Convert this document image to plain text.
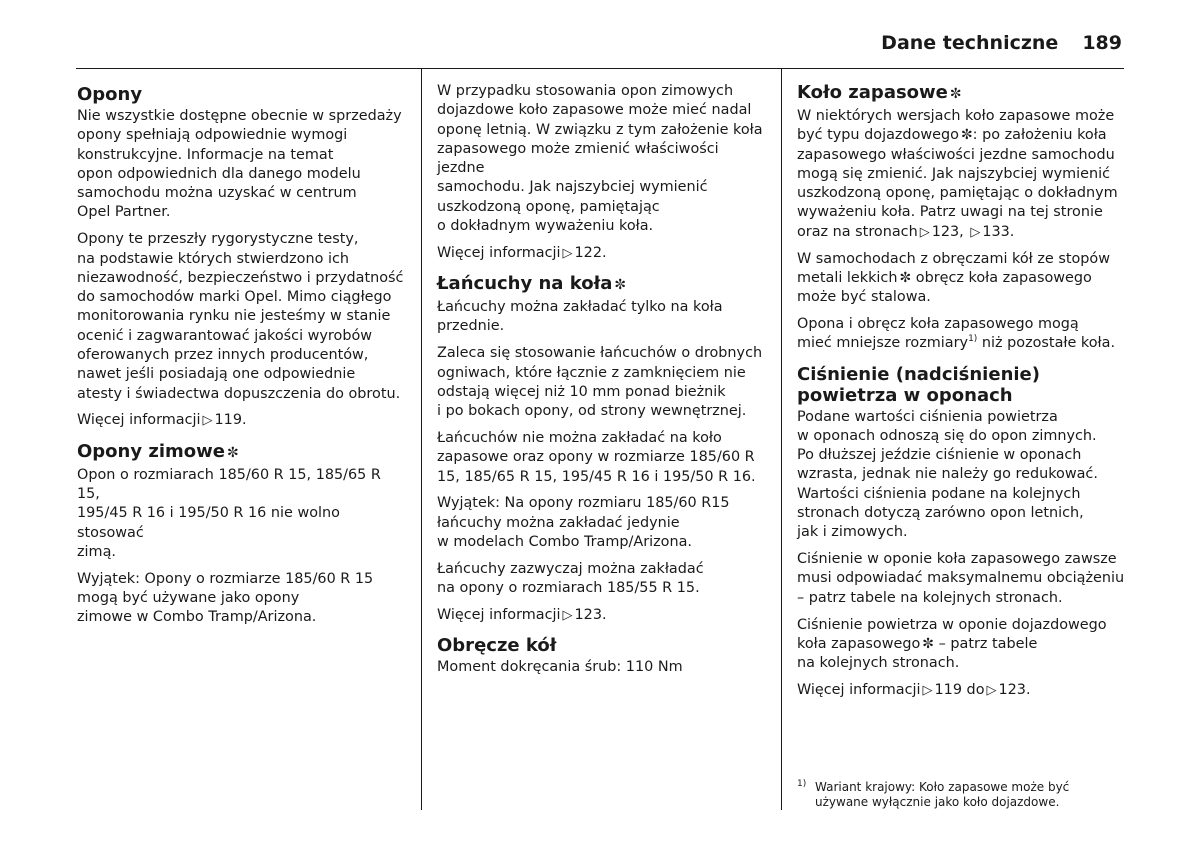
Dane techniczne 189
Opony

Nie wszystkie dostępne obecnie w sprzedaży
opony spełniają odpowiednie wymogi
konstrukcyjne. Informacje na temat
opon odpowiednich dla danego modelu
samochodu można uzyskać w centrum
Opel Partner.

Opony te przeszły rygorystyczne testy,
na podstawie których stwierdzono ich
niezawodność, bezpieczeństwo i przydatność
do samochodów marki Opel. Mimo ciągłego
monitorowania rynku nie jesteśmy w stanie
ocenić i zagwarantować jakości wyrobów
oferowanych przez innych producentów,
nawet jeśli posiadają one odpowiednie
atesty i świadectwa dopuszczenia do obrotu.

Więcej informacji ▷ 119.

Opony zimowe ✼

Opon o rozmiarach 185/60 R 15, 185/65 R 15,
195/45 R 16 i 195/50 R 16 nie wolno stosować
zimą.

Wyjątek: Opony o rozmiarze 185/60 R 15
mogą być używane jako opony
zimowe w Combo Tramp/Arizona.

W przypadku stosowania opon zimowych
dojazdowe koło zapasowe może mieć nadal
oponę letnią. W związku z tym założenie koła
zapasowego może zmienić właściwości jezdne
samochodu. Jak najszybciej wymienić
uszkodzoną oponę, pamiętając
o dokładnym wyważeniu koła.

Więcej informacji ▷ 122.

Łańcuchy na koła ✼

Łańcuchy można zakładać tylko na koła
przednie.

Zaleca się stosowanie łańcuchów o drobnych
ogniwach, które łącznie z zamknięciem nie
odstają więcej niż 10 mm ponad bieżnik
i po bokach opony, od strony wewnętrznej.

Łańcuchów nie można zakładać na koło
zapasowe oraz opony w rozmiarze 185/60 R
15, 185/65 R 15, 195/45 R 16 i 195/50 R 16.

Wyjątek: Na opony rozmiaru 185/60 R15
łańcuchy można zakładać jedynie
w modelach Combo Tramp/Arizona.

Łańcuchy zazwyczaj można zakładać
na opony o rozmiarach 185/55 R 15.

Więcej informacji ▷ 123.

Obręcze kół

Moment dokręcania śrub: 110 Nm

Koło zapasowe ✼

W niektórych wersjach koło zapasowe może
być typu dojazdowego ✼: po założeniu koła
zapasowego właściwości jezdne samochodu
mogą się zmienić. Jak najszybciej wymienić
uszkodzoną oponę, pamiętając o dokładnym
wyważeniu koła. Patrz uwagi na tej stronie
oraz na stronach ▷ 123, ▷ 133.

W samochodach z obręczami kół ze stopów
metali lekkich ✼ obręcz koła zapasowego
może być stalowa.

Opona i obręcz koła zapasowego mogą
mieć mniejsze rozmiary$^{1)}$ niż pozostałe koła.

Ciśnienie (nadciśnienie) powietrza w oponach

Podane wartości ciśnienia powietrza
w oponach odnoszą się do opon zimnych.
Po dłuższej jeździe ciśnienie w oponach
wzrasta, jednak nie należy go redukować.
Wartości ciśnienia podane na kolejnych
stronach dotyczą zarówno opon letnich,
jak i zimowych.

Ciśnienie w oponie koła zapasowego zawsze
musi odpowiadać maksymalnemu obciążeniu
– patrz tabele na kolejnych stronach.

Ciśnienie powietrza w oponie dojazdowego
koła zapasowego ✼ – patrz tabele
na kolejnych stronach.

Więcej informacji ▷ 119 do ▷ 123.

1) Wariant krajowy: Koło zapasowe może być
używane wyłącznie jako koło dojazdowe.
